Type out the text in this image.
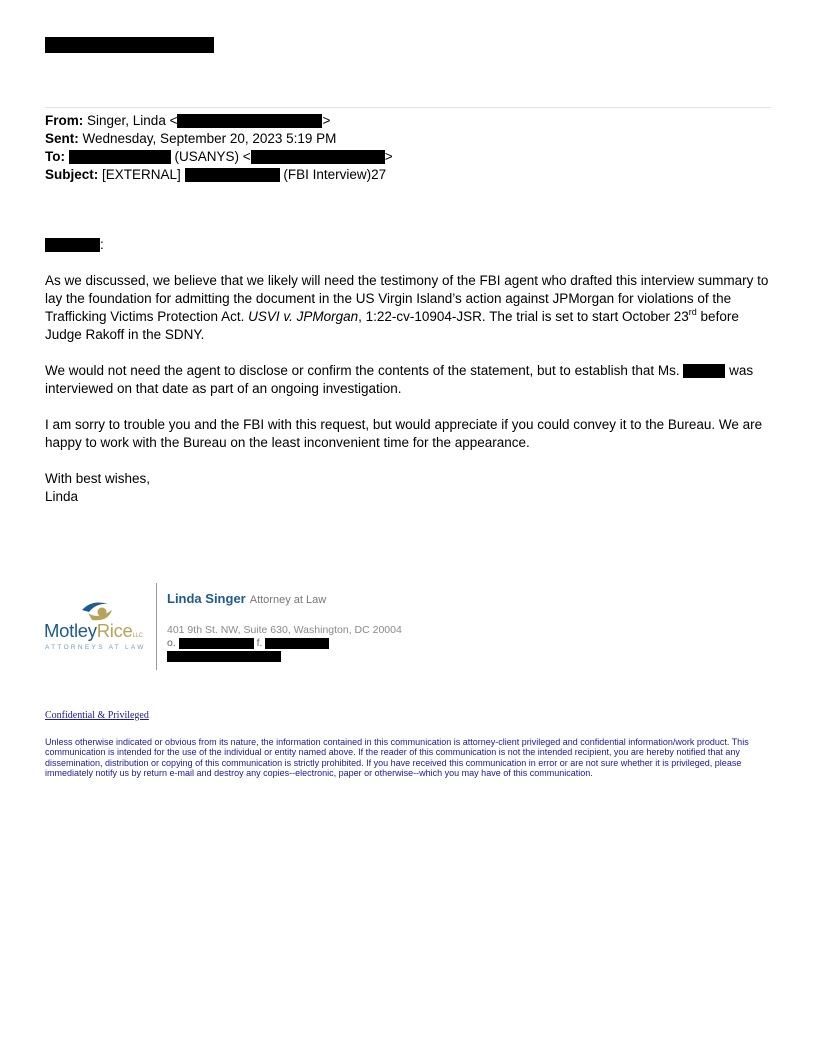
From: Singer, Linda <	>
Sent: Wednesday, September 20, 2023 5:19 PM
To:	(USANYS) <	>
Subject: [EXTERNAL]	(FBI Interview)27

:

As we discussed, we believe that we likely will need the testimony of the FBI agent who drafted this interview summary to lay the foundation for admitting the document in the US Virgin Island’s action against JPMorgan for violations of the Trafficking Victims Protection Act. USVI v. JPMorgan, 1:22-cv-10904-JSR. The trial is set to start October 23rd before Judge Rakoff in the SDNY.

We would not need the agent to disclose or confirm the contents of the statement, but to establish that Ms.	was interviewed on that date as part of an ongoing investigation.

I am sorry to trouble you and the FBI with this request, but would appreciate if you could convey it to the Bureau. We are happy to work with the Bureau on the least inconvenient time for the appearance.

With best wishes,

Linda

MotleyRiceLLC
ATTORNEYS AT LAW
Linda Singer Attorney at Law
401 9th St. NW, Suite 630, Washington, DC 20004
o.	f.
Confidential & Privileged
Unless otherwise indicated or obvious from its nature, the information contained in this communication is attorney-client privileged and confidential information/work product. This communication is intended for the use of the individual or entity named above. If the reader of this communication is not the intended recipient, you are hereby notified that any dissemination, distribution or copying of this communication is strictly prohibited. If you have received this communication in error or are not sure whether it is privileged, please immediately notify us by return e-mail and destroy any copies--electronic, paper or otherwise--which you may have of this communication.
